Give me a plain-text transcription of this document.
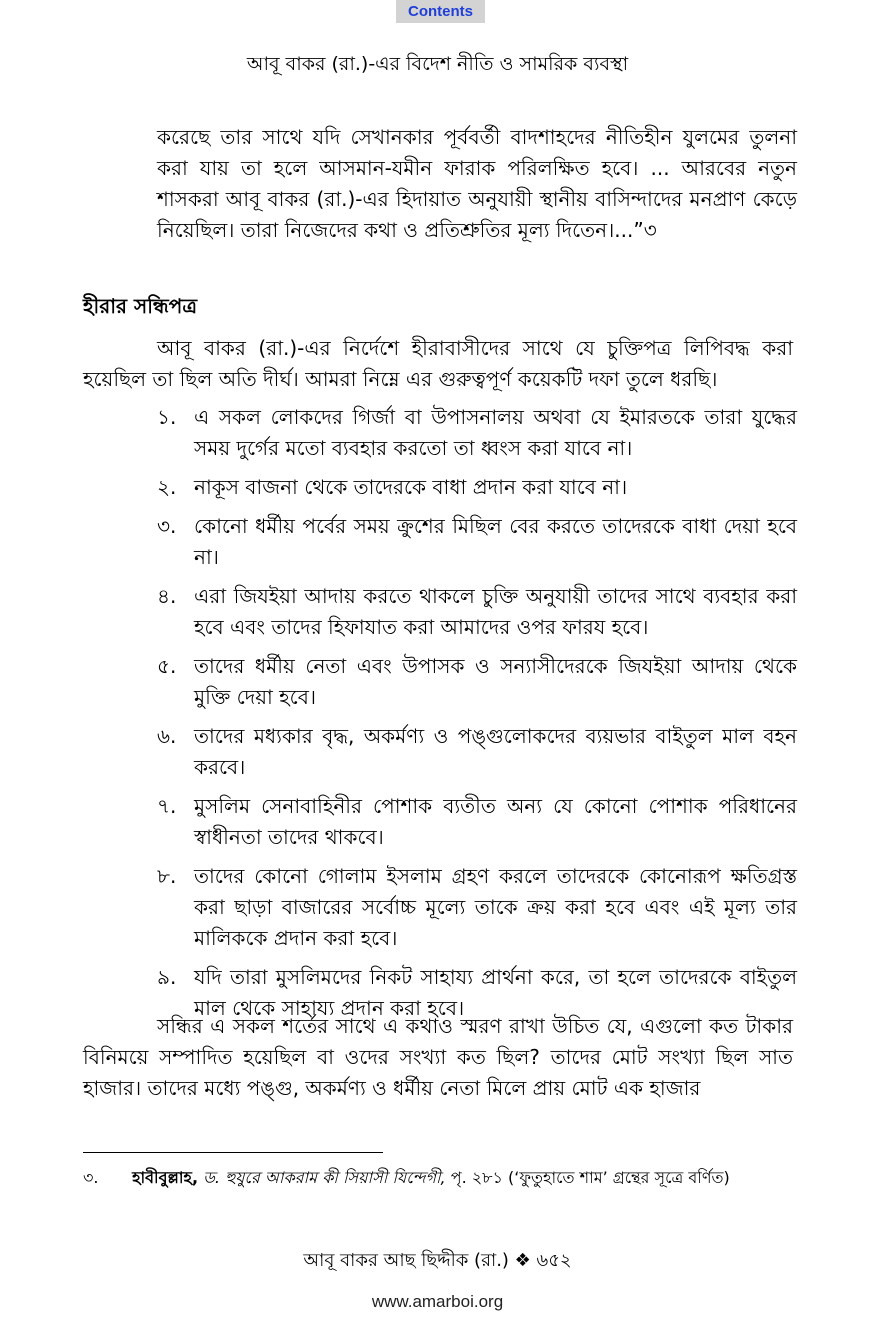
Contents
আবূ বাকর (রা.)-এর বিদেশ নীতি ও সামরিক ব্যবস্থা

করেছে তার সাথে যদি সেখানকার পূর্ববর্তী বাদশাহদের নীতিহীন যুলমের তুলনা করা যায় তা হলে আসমান-যমীন ফারাক পরিলক্ষিত হবে। ... আরবের নতুন শাসকরা আবূ বাকর (রা.)-এর হিদায়াত অনুযায়ী স্থানীয় বাসিন্দাদের মনপ্রাণ কেড়ে নিয়েছিল। তারা নিজেদের কথা ও প্রতিশ্রুতির মূল্য দিতেন।...”৩

হীরার সন্ধিপত্র

আবূ বাকর (রা.)-এর নির্দেশে হীরাবাসীদের সাথে যে চুক্তিপত্র লিপিবদ্ধ করা হয়েছিল তা ছিল অতি দীর্ঘ। আমরা নিম্নে এর গুরুত্বপূর্ণ কয়েকটি দফা তুলে ধরছি।

১. এ সকল লোকদের গির্জা বা উপাসনালয় অথবা যে ইমারতকে তারা যুদ্ধের সময় দুর্গের মতো ব্যবহার করতো তা ধ্বংস করা যাবে না।
২. নাকূস বাজনা থেকে তাদেরকে বাধা প্রদান করা যাবে না।
৩. কোনো ধর্মীয় পর্বের সময় ক্রুশের মিছিল বের করতে তাদেরকে বাধা দেয়া হবে না।
৪. এরা জিযইয়া আদায় করতে থাকলে চুক্তি অনুযায়ী তাদের সাথে ব্যবহার করা হবে এবং তাদের হিফাযাত করা আমাদের ওপর ফারয হবে।
৫. তাদের ধর্মীয় নেতা এবং উপাসক ও সন্যাসীদেরকে জিযইয়া আদায় থেকে মুক্তি দেয়া হবে।
৬. তাদের মধ্যকার বৃদ্ধ, অকর্মণ্য ও পঙ্গুলোকদের ব্যয়ভার বাইতুল মাল বহন করবে।
৭. মুসলিম সেনাবাহিনীর পোশাক ব্যতীত অন্য যে কোনো পোশাক পরিধানের স্বাধীনতা তাদের থাকবে।
৮. তাদের কোনো গোলাম ইসলাম গ্রহণ করলে তাদেরকে কোনোরূপ ক্ষতিগ্রস্ত করা ছাড়া বাজারের সর্বোচ্চ মূল্যে তাকে ক্রয় করা হবে এবং এই মূল্য তার মালিককে প্রদান করা হবে।
৯. যদি তারা মুসলিমদের নিকট সাহায্য প্রার্থনা করে, তা হলে তাদেরকে বাইতুল মাল থেকে সাহায্য প্রদান করা হবে।

সন্ধির এ সকল শর্তের সাথে এ কথাও স্মরণ রাখা উচিত যে, এগুলো কত টাকার বিনিময়ে সম্পাদিত হয়েছিল বা ওদের সংখ্যা কত ছিল? তাদের মোট সংখ্যা ছিল সাত হাজার। তাদের মধ্যে পঙ্গু, অকর্মণ্য ও ধর্মীয় নেতা মিলে প্রায় মোট এক হাজার

৩. হাবীবুল্লাহ, ড. হুযুরে আকরাম কী সিয়াসী যিন্দেগী, পৃ. ২৮১ (‘ফুতুহাতে শাম’ গ্রন্থের সূত্রে বর্ণিত)
আবূ বাকর আছ ছিদ্দীক (রা.) ❖ ৬৫২
www.amarboi.org
